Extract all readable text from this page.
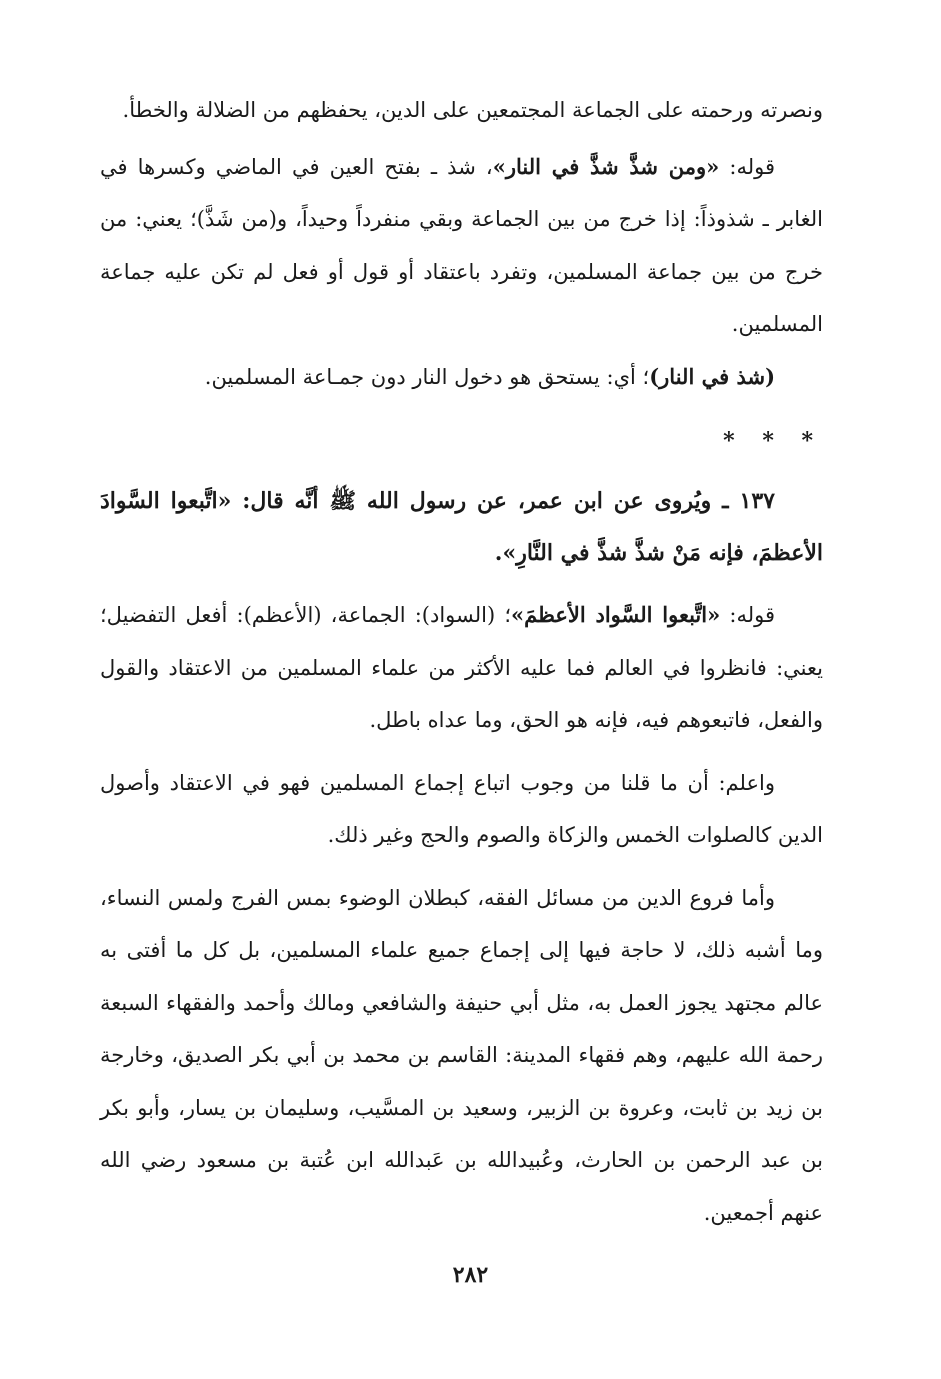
ونصرته ورحمته على الجماعة المجتمعين على الدين، يحفظهم من الضلالة والخطأ.

قوله: «ومن شذَّ شذَّ في النار»، شذ ـ بفتح العين في الماضي وكسرها في الغابر ـ شذوذاً: إذا خرج من بين الجماعة وبقي منفرداً وحيداً، و(من شَذَّ)؛ يعني: من خرج من بين جماعة المسلمين، وتفرد باعتقاد أو قول أو فعل لم تكن عليه جماعة المسلمين.

(شذ في النار)؛ أي: يستحق هو دخول النار دون جمـاعة المسلمين.

* * *

١٣٧ ـ ويُروى عن ابن عمر، عن رسول الله ﷺ أنَّه قال: «اتَّبعوا السَّوادَ الأعظمَ، فإنه مَنْ شذَّ شذَّ في النَّارِ».

قوله: «اتَّبعوا السَّواد الأعظمَ»؛ (السواد): الجماعة، (الأعظم): أفعل التفضيل؛ يعني: فانظروا في العالم فما عليه الأكثر من علماء المسلمين من الاعتقاد والقول والفعل، فاتبعوهم فيه، فإنه هو الحق، وما عداه باطل.

واعلم: أن ما قلنا من وجوب اتباع إجماع المسلمين فهو في الاعتقاد وأصول الدين كالصلوات الخمس والزكاة والصوم والحج وغير ذلك.

وأما فروع الدين من مسائل الفقه، كبطلان الوضوء بمس الفرج ولمس النساء، وما أشبه ذلك، لا حاجة فيها إلى إجماع جميع علماء المسلمين، بل كل ما أفتى به عالم مجتهد يجوز العمل به، مثل أبي حنيفة والشافعي ومالك وأحمد والفقهاء السبعة رحمة الله عليهم، وهم فقهاء المدينة: القاسم بن محمد بن أبي بكر الصديق، وخارجة بن زيد بن ثابت، وعروة بن الزبير، وسعيد بن المسَّيب، وسليمان بن يسار، وأبو بكر بن عبد الرحمن بن الحارث، وعُبيدالله بن عَبدالله ابن عُتبة بن مسعود رضي الله عنهم أجمعين.

٢٨٢
